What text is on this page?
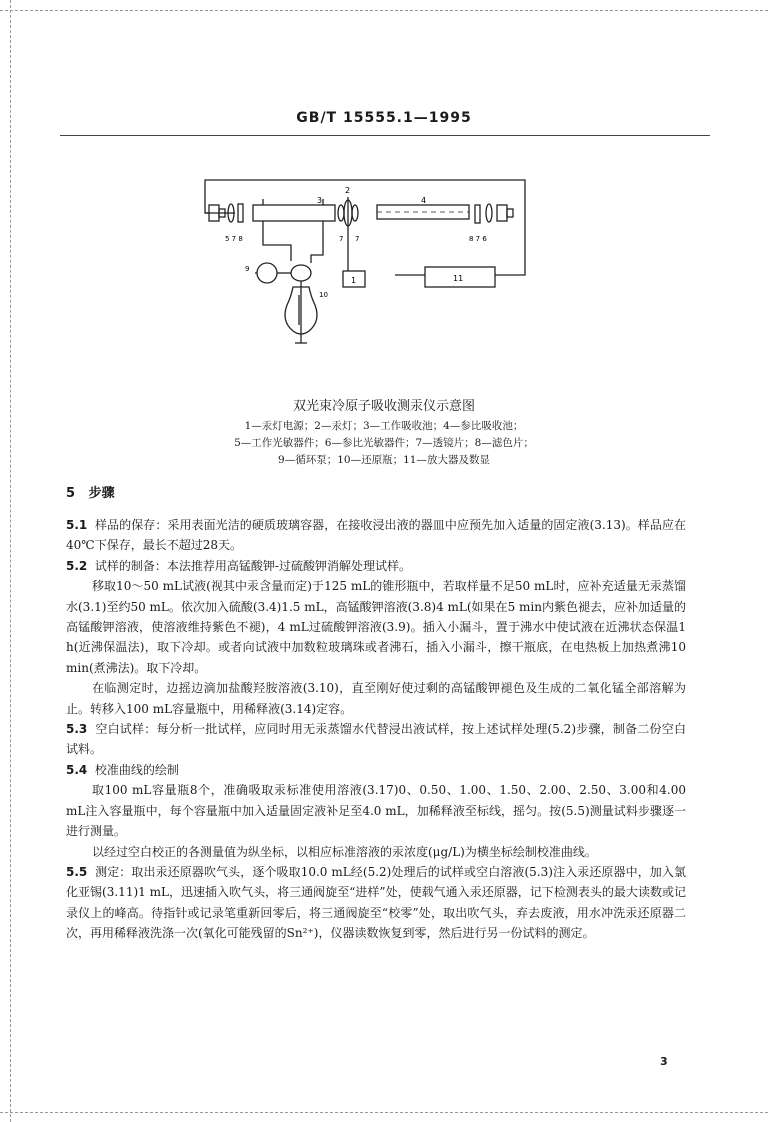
GB/T 15555.1—1995
2
3	4
5 7 8	7 7	8 7 6
1	11
9
10
双光束冷原子吸收测汞仪示意图
1—汞灯电源；2—汞灯；3—工作吸收池；4—参比吸收池；
5—工作光敏器件；6—参比光敏器件；7—透镜片；8—滤色片；
9—循环泵；10—还原瓶；11—放大器及数显
5 步骤

5.1 样品的保存：采用表面光洁的硬质玻璃容器，在接收浸出液的器皿中应预先加入适量的固定液(3.13)。样品应在40℃下保存，最长不超过28天。

5.2 试样的制备：本法推荐用高锰酸钾-过硫酸钾消解处理试样。

移取10～50 mL试液(视其中汞含量而定)于125 mL的锥形瓶中，若取样量不足50 mL时，应补充适量无汞蒸馏水(3.1)至约50 mL。依次加入硫酸(3.4)1.5 mL，高锰酸钾溶液(3.8)4 mL(如果在5 min内紫色褪去，应补加适量的高锰酸钾溶液，使溶液维持紫色不褪)，4 mL过硫酸钾溶液(3.9)。插入小漏斗，置于沸水中使试液在近沸状态保温1 h(近沸保温法)，取下冷却。或者向试液中加数粒玻璃珠或者沸石，插入小漏斗，擦干瓶底，在电热板上加热煮沸10 min(煮沸法)。取下冷却。

在临测定时，边摇边滴加盐酸羟胺溶液(3.10)，直至刚好使过剩的高锰酸钾褪色及生成的二氧化锰全部溶解为止。转移入100 mL容量瓶中，用稀释液(3.14)定容。

5.3 空白试样：每分析一批试样，应同时用无汞蒸馏水代替浸出液试样，按上述试样处理(5.2)步骤，制备二份空白试料。

5.4 校准曲线的绘制

取100 mL容量瓶8个，准确吸取汞标准使用溶液(3.17)0、0.50、1.00、1.50、2.00、2.50、3.00和4.00 mL注入容量瓶中，每个容量瓶中加入适量固定液补足至4.0 mL，加稀释液至标线，摇匀。按(5.5)测量试料步骤逐一进行测量。

以经过空白校正的各测量值为纵坐标，以相应标准溶液的汞浓度(μg/L)为横坐标绘制校准曲线。

5.5 测定：取出汞还原器吹气头，逐个吸取10.0 mL经(5.2)处理后的试样或空白溶液(5.3)注入汞还原器中，加入氯化亚锡(3.11)1 mL，迅速插入吹气头，将三通阀旋至“进样”处，使载气通入汞还原器，记下检测表头的最大读数或记录仪上的峰高。待指针或记录笔重新回零后，将三通阀旋至“校零”处，取出吹气头，弃去废液，用水冲洗汞还原器二次，再用稀释液洗涤一次(氧化可能残留的Sn²⁺)，仪器读数恢复到零，然后进行另一份试料的测定。

3
